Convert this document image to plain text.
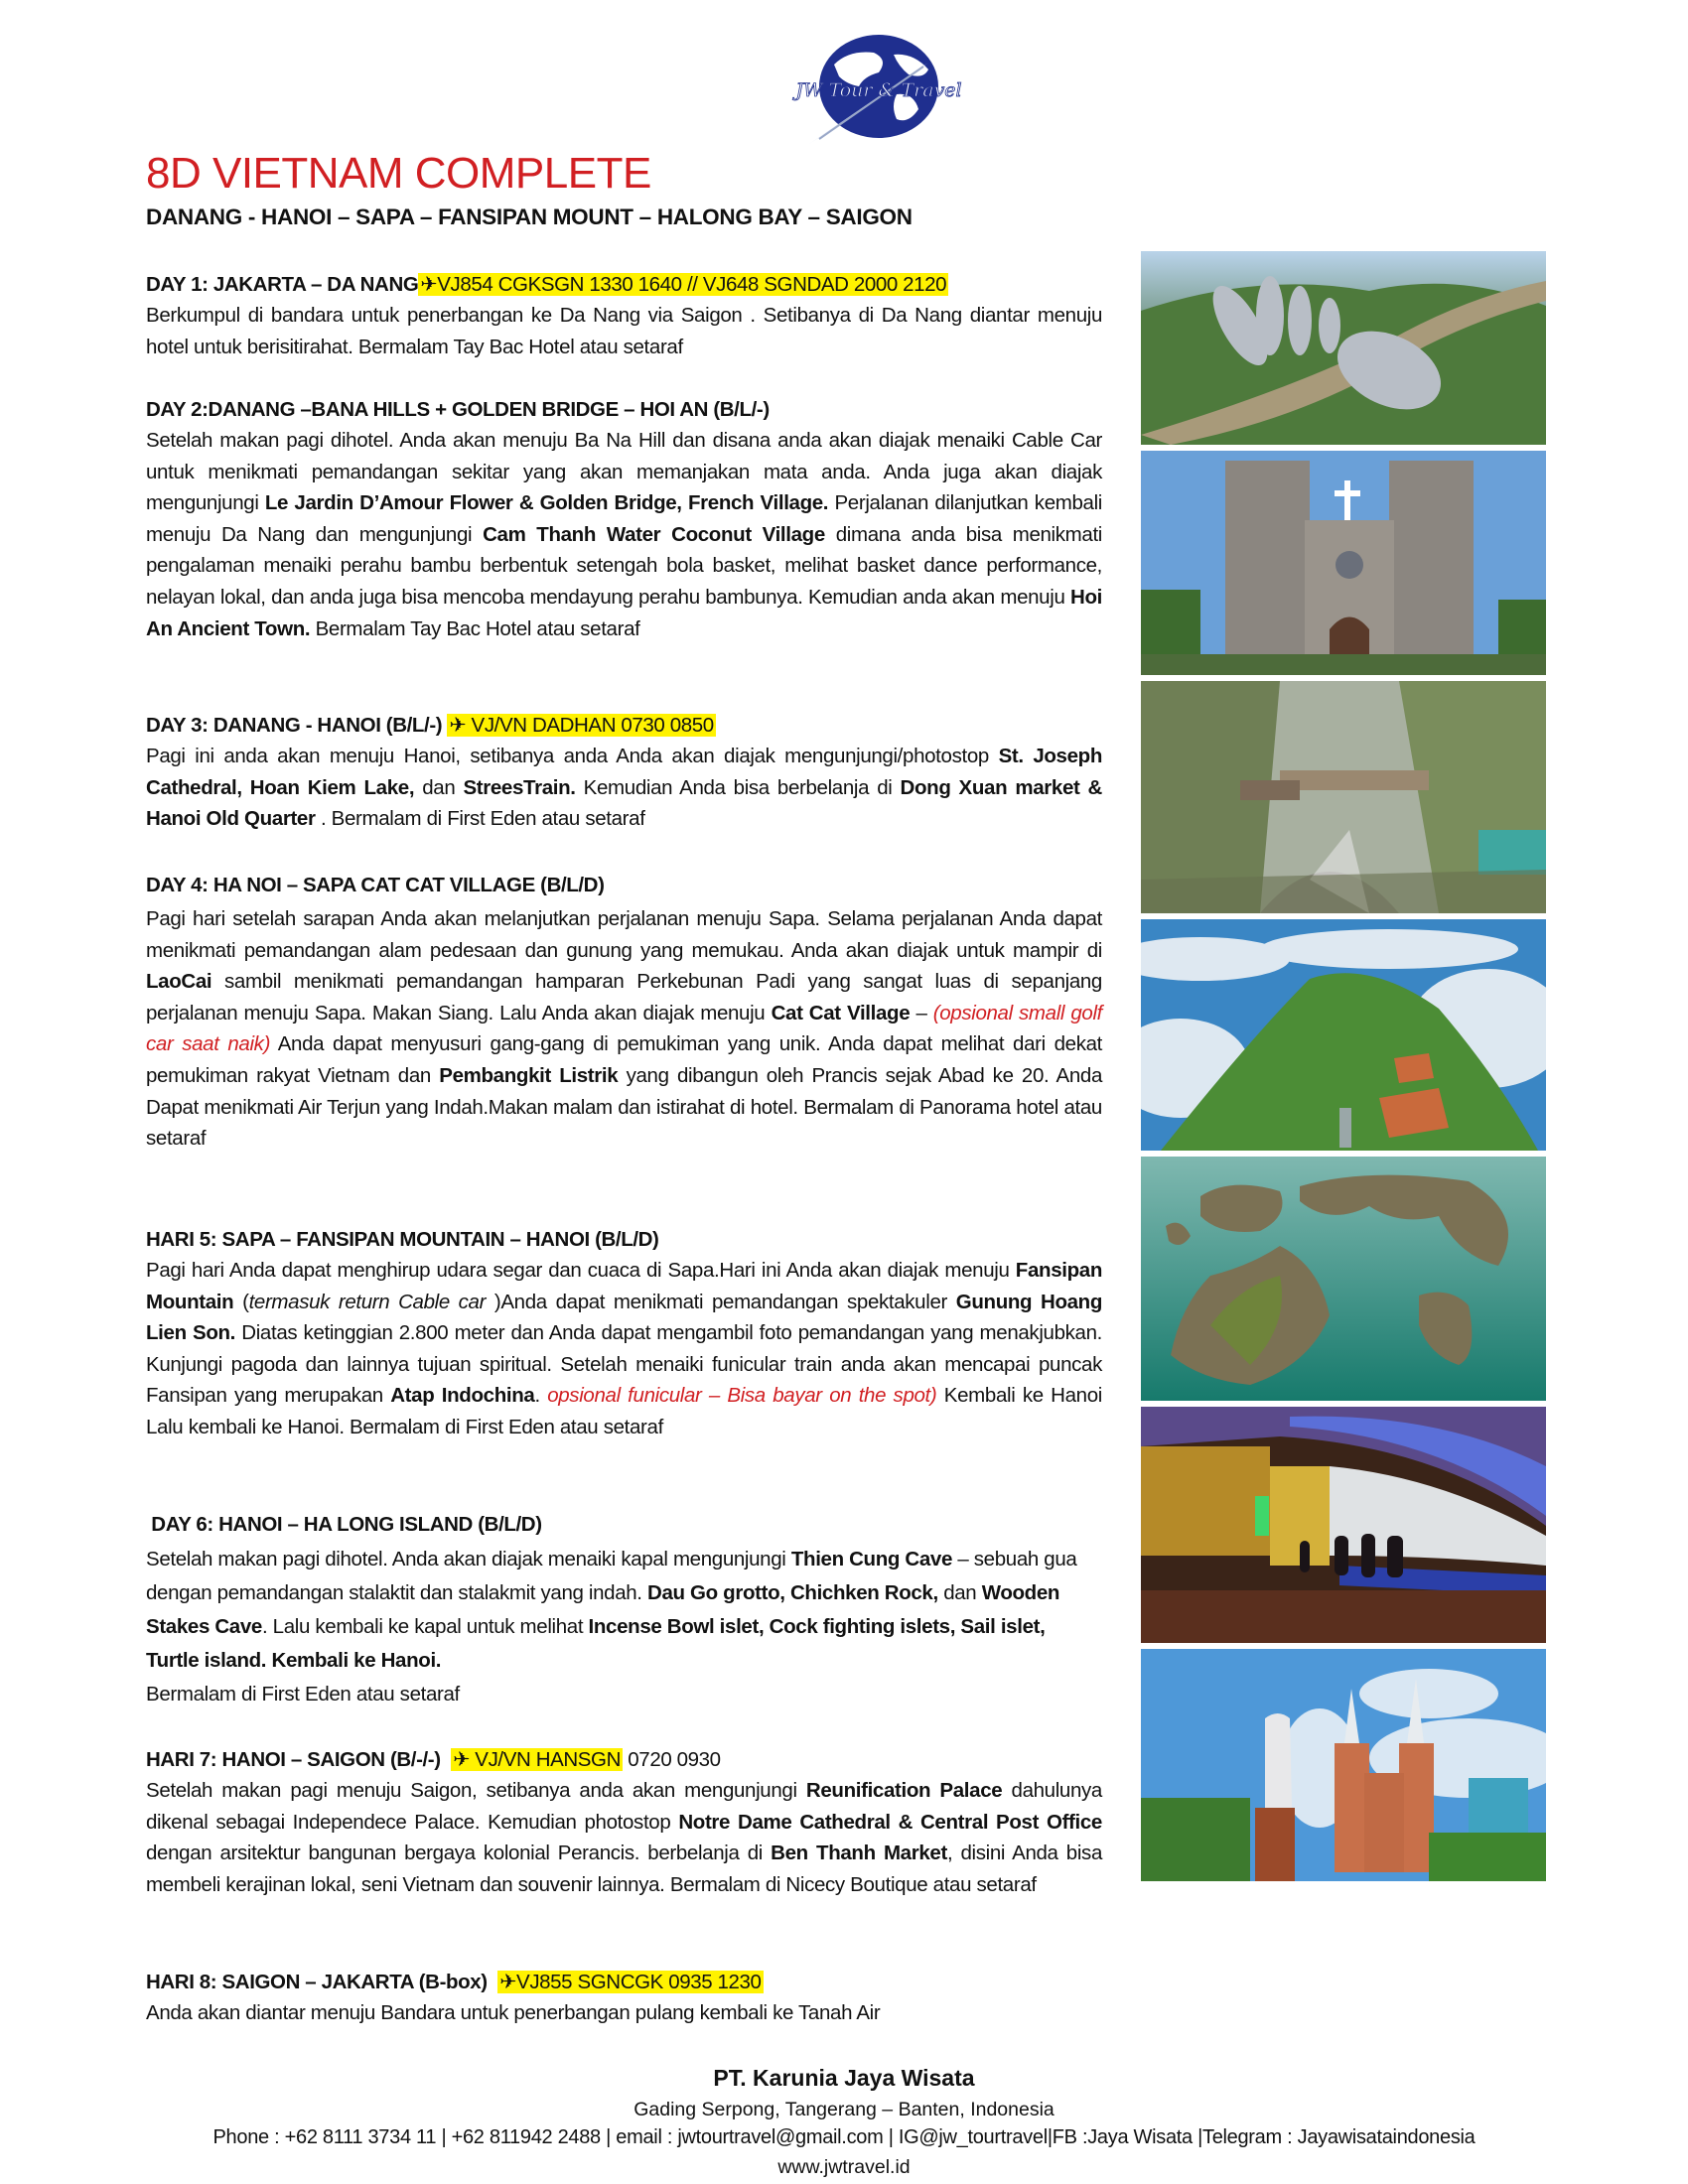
JW Tour & Travel
8D VIETNAM COMPLETE
DANANG - HANOI – SAPA – FANSIPAN MOUNT – HALONG BAY – SAIGON

DAY 1: JAKARTA – DA NANG✈VJ854 CGKSGN 1330 1640 // VJ648 SGNDAD 2000 2120

Berkumpul di bandara untuk penerbangan ke Da Nang via Saigon . Setibanya di Da Nang diantar menuju hotel untuk berisitirahat. Bermalam Tay Bac Hotel atau setaraf

DAY 2:DANANG –BANA HILLS + GOLDEN BRIDGE – HOI AN (B/L/-)

Setelah makan pagi dihotel. Anda akan menuju Ba Na Hill dan disana anda akan diajak menaiki Cable Car untuk menikmati pemandangan sekitar yang akan memanjakan mata anda. Anda juga akan diajak mengunjungi Le Jardin D’Amour Flower & Golden Bridge, French Village. Perjalanan dilanjutkan kembali menuju Da Nang dan mengunjungi Cam Thanh Water Coconut Village dimana anda bisa menikmati pengalaman menaiki perahu bambu berbentuk setengah bola basket, melihat basket dance performance, nelayan lokal, dan anda juga bisa mencoba mendayung perahu bambunya. Kemudian anda akan menuju Hoi An Ancient Town. Bermalam Tay Bac Hotel atau setaraf

DAY 3: DANANG - HANOI (B/L/-) ✈ VJ/VN DADHAN 0730 0850

Pagi ini anda akan menuju Hanoi, setibanya anda Anda akan diajak mengunjungi/photostop St. Joseph Cathedral, Hoan Kiem Lake, dan StreesTrain. Kemudian Anda bisa berbelanja di Dong Xuan market & Hanoi Old Quarter . Bermalam di First Eden atau setaraf

DAY 4: HA NOI – SAPA CAT CAT VILLAGE (B/L/D)

Pagi hari setelah sarapan Anda akan melanjutkan perjalanan menuju Sapa. Selama perjalanan Anda dapat menikmati pemandangan alam pedesaan dan gunung yang memukau. Anda akan diajak untuk mampir di LaoCai sambil menikmati pemandangan hamparan Perkebunan Padi yang sangat luas di sepanjang perjalanan menuju Sapa. Makan Siang. Lalu Anda akan diajak menuju Cat Cat Village – (opsional small golf car saat naik) Anda dapat menyusuri gang-gang di pemukiman yang unik. Anda dapat melihat dari dekat pemukiman rakyat Vietnam dan Pembangkit Listrik yang dibangun oleh Prancis sejak Abad ke 20. Anda Dapat menikmati Air Terjun yang Indah.Makan malam dan istirahat di hotel. Bermalam di Panorama hotel atau setaraf

HARI 5: SAPA – FANSIPAN MOUNTAIN – HANOI (B/L/D)

Pagi hari Anda dapat menghirup udara segar dan cuaca di Sapa.Hari ini Anda akan diajak menuju Fansipan Mountain (termasuk return Cable car )Anda dapat menikmati pemandangan spektakuler Gunung Hoang Lien Son. Diatas ketinggian 2.800 meter dan Anda dapat mengambil foto pemandangan yang menakjubkan. Kunjungi pagoda dan lainnya tujuan spiritual. Setelah menaiki funicular train anda akan mencapai puncak Fansipan yang merupakan Atap Indochina. opsional funicular – Bisa bayar on the spot) Kembali ke Hanoi Lalu kembali ke Hanoi. Bermalam di First Eden atau setaraf

DAY 6: HANOI – HA LONG ISLAND (B/L/D)

Setelah makan pagi dihotel. Anda akan diajak menaiki kapal mengunjungi Thien Cung Cave – sebuah gua dengan pemandangan stalaktit dan stalakmit yang indah. Dau Go grotto, Chichken Rock, dan Wooden Stakes Cave. Lalu kembali ke kapal untuk melihat Incense Bowl islet, Cock fighting islets, Sail islet, Turtle island. Kembali ke Hanoi.
Bermalam di First Eden atau setaraf

HARI 7: HANOI – SAIGON (B/-/-)  ✈ VJ/VN HANSGN 0720 0930

Setelah makan pagi menuju Saigon, setibanya anda akan mengunjungi Reunification Palace dahulunya dikenal sebagai Independece Palace. Kemudian photostop Notre Dame Cathedral & Central Post Office dengan arsitektur bangunan bergaya kolonial Perancis. berbelanja di Ben Thanh Market, disini Anda bisa membeli kerajinan lokal, seni Vietnam dan souvenir lainnya. Bermalam di Nicecy Boutique atau setaraf

HARI 8: SAIGON – JAKARTA (B-box)  ✈VJ855 SGNCGK 0935 1230

Anda akan diantar menuju Bandara untuk penerbangan pulang kembali ke Tanah Air

PT. Karunia Jaya Wisata
Gading Serpong, Tangerang – Banten, Indonesia
Phone : +62 8111 3734 11 | +62 811942 2488 | email : jwtourtravel@gmail.com | IG@jw_tourtravel|FB :Jaya Wisata |Telegram : Jayawisataindonesia
www.jwtravel.id
